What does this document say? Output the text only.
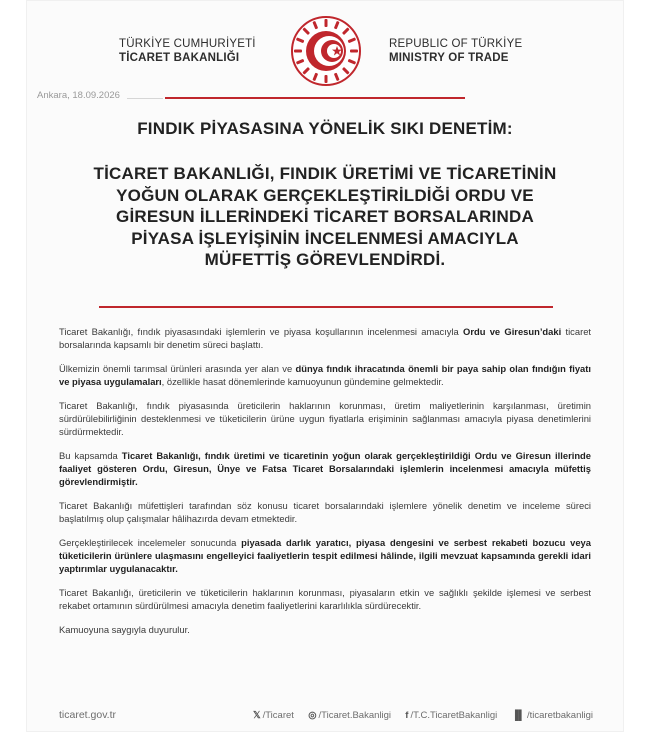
TÜRKİYE CUMHURİYETİ
TİCARET BAKANLIĞI
REPUBLIC OF TÜRKİYE
MINISTRY OF TRADE
Ankara, 18.09.2026
FINDIK PİYASASINA YÖNELİK SIKI DENETİM:
TİCARET BAKANLIĞI, FINDIK ÜRETİMİ VE TİCARETİNİN YOĞUN OLARAK GERÇEKLEŞTİRİLDİĞİ ORDU VE GİRESUN İLLERİNDEKİ TİCARET BORSALARINDA PİYASA İŞLEYİŞİNİN İNCELENMESİ AMACIYLA MÜFETTİŞ GÖREVLENDİRDİ.

Ticaret Bakanlığı, fındık piyasasındaki işlemlerin ve piyasa koşullarının incelenmesi amacıyla Ordu ve Giresun’daki ticaret borsalarında kapsamlı bir denetim süreci başlattı.

Ülkemizin önemli tarımsal ürünleri arasında yer alan ve dünya fındık ihracatında önemli bir paya sahip olan fındığın fiyatı ve piyasa uygulamaları, özellikle hasat dönemlerinde kamuoyunun gündemine gelmektedir.

Ticaret Bakanlığı, fındık piyasasında üreticilerin haklarının korunması, üretim maliyetlerinin karşılanması, üretimin sürdürülebilirliğinin desteklenmesi ve tüketicilerin ürüne uygun fiyatlarla erişiminin sağlanması amacıyla piyasa denetimlerini sürdürmektedir.

Bu kapsamda Ticaret Bakanlığı, fındık üretimi ve ticaretinin yoğun olarak gerçekleştirildiği Ordu ve Giresun illerinde faaliyet gösteren Ordu, Giresun, Ünye ve Fatsa Ticaret Borsalarındaki işlemlerin incelenmesi amacıyla müfettiş görevlendirmiştir.

Ticaret Bakanlığı müfettişleri tarafından söz konusu ticaret borsalarındaki işlemlere yönelik denetim ve inceleme süreci başlatılmış olup çalışmalar hâlihazırda devam etmektedir.

Gerçekleştirilecek incelemeler sonucunda piyasada darlık yaratıcı, piyasa dengesini ve serbest rekabeti bozucu veya tüketicilerin ürünlere ulaşmasını engelleyici faaliyetlerin tespit edilmesi hâlinde, ilgili mevzuat kapsamında gerekli idari yaptırımlar uygulanacaktır.

Ticaret Bakanlığı, üreticilerin ve tüketicilerin haklarının korunması, piyasaların etkin ve sağlıklı şekilde işlemesi ve serbest rekabet ortamının sürdürülmesi amacıyla denetim faaliyetlerini kararlılıkla sürdürecektir.

Kamuoyuna saygıyla duyurulur.

ticaret.gov.tr	𝕏 /Ticaret ◎ /Ticaret.Bakanligi f /T.C.TicaretBakanligi ▐▌ /ticaretbakanligi
